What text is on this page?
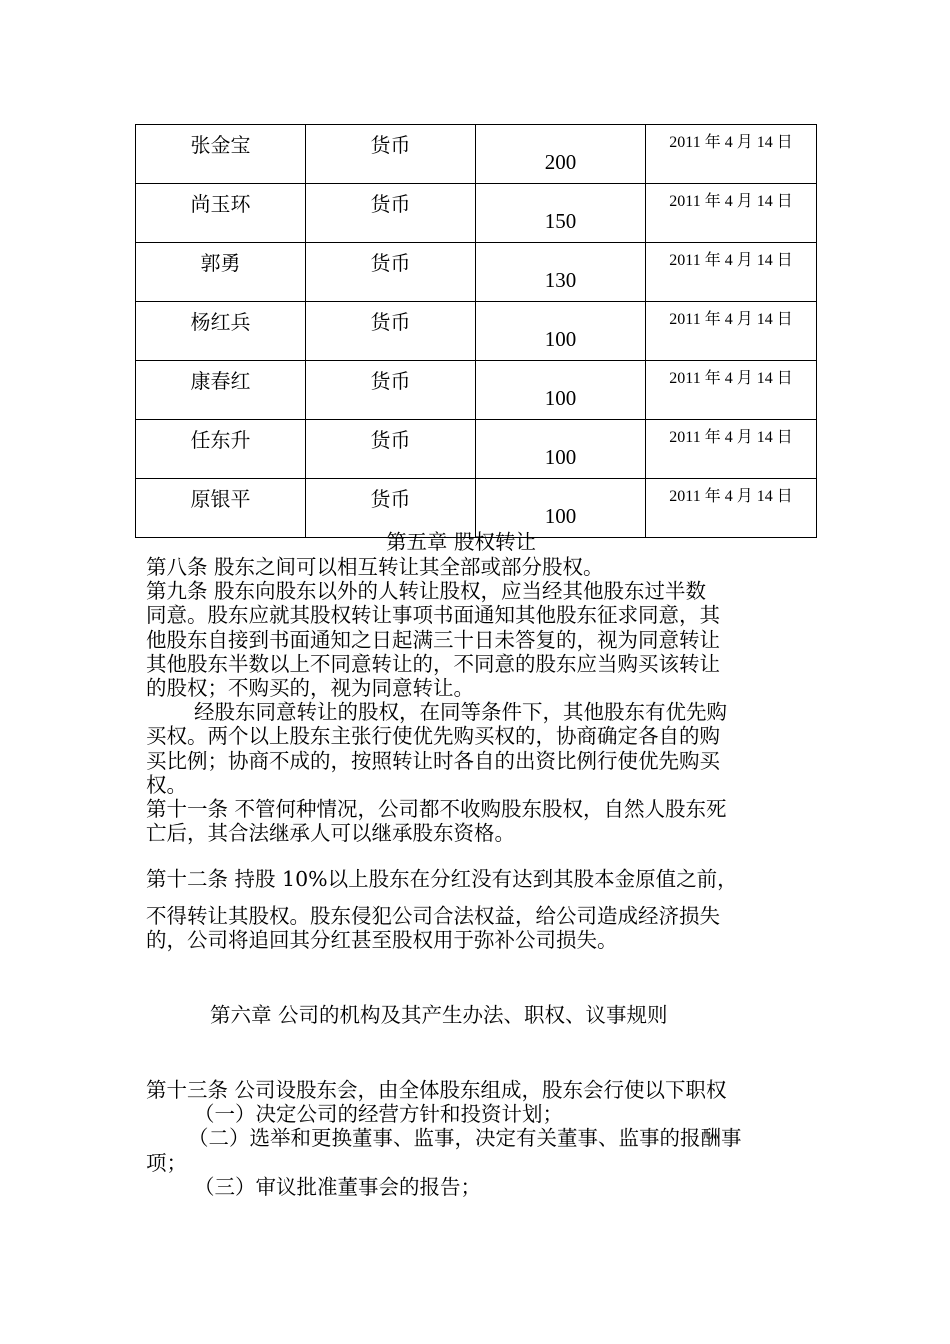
张金宝	货币	200	2011 年 4 月 14 日
尚玉环	货币	150	2011 年 4 月 14 日
郭勇	货币	130	2011 年 4 月 14 日
杨红兵	货币	100	2011 年 4 月 14 日
康春红	货币	100	2011 年 4 月 14 日
任东升	货币	100	2011 年 4 月 14 日
原银平	货币	100	2011 年 4 月 14 日
第五章 股权转让
第八条 股东之间可以相互转让其全部或部分股权。
第九条 股东向股东以外的人转让股权，应当经其他股东过半数
同意。股东应就其股权转让事项书面通知其他股东征求同意，其
他股东自接到书面通知之日起满三十日未答复的，视为同意转让
其他股东半数以上不同意转让的，不同意的股东应当购买该转让
的股权；不购买的，视为同意转让。
经股东同意转让的股权，在同等条件下，其他股东有优先购
买权。两个以上股东主张行使优先购买权的，协商确定各自的购
买比例；协商不成的，按照转让时各自的出资比例行使优先购买
权。
第十一条 不管何种情况，公司都不收购股东股权，自然人股东死
亡后，其合法继承人可以继承股东资格。
第十二条 持股 10%以上股东在分红没有达到其股本金原值之前，
不得转让其股权。股东侵犯公司合法权益，给公司造成经济损失
的，公司将追回其分红甚至股权用于弥补公司损失。
第六章 公司的机构及其产生办法、职权、议事规则
第十三条 公司设股东会，由全体股东组成，股东会行使以下职权
（一）决定公司的经营方针和投资计划；
（二）选举和更换董事、监事，决定有关董事、监事的报酬事
项；
（三）审议批准董事会的报告；
